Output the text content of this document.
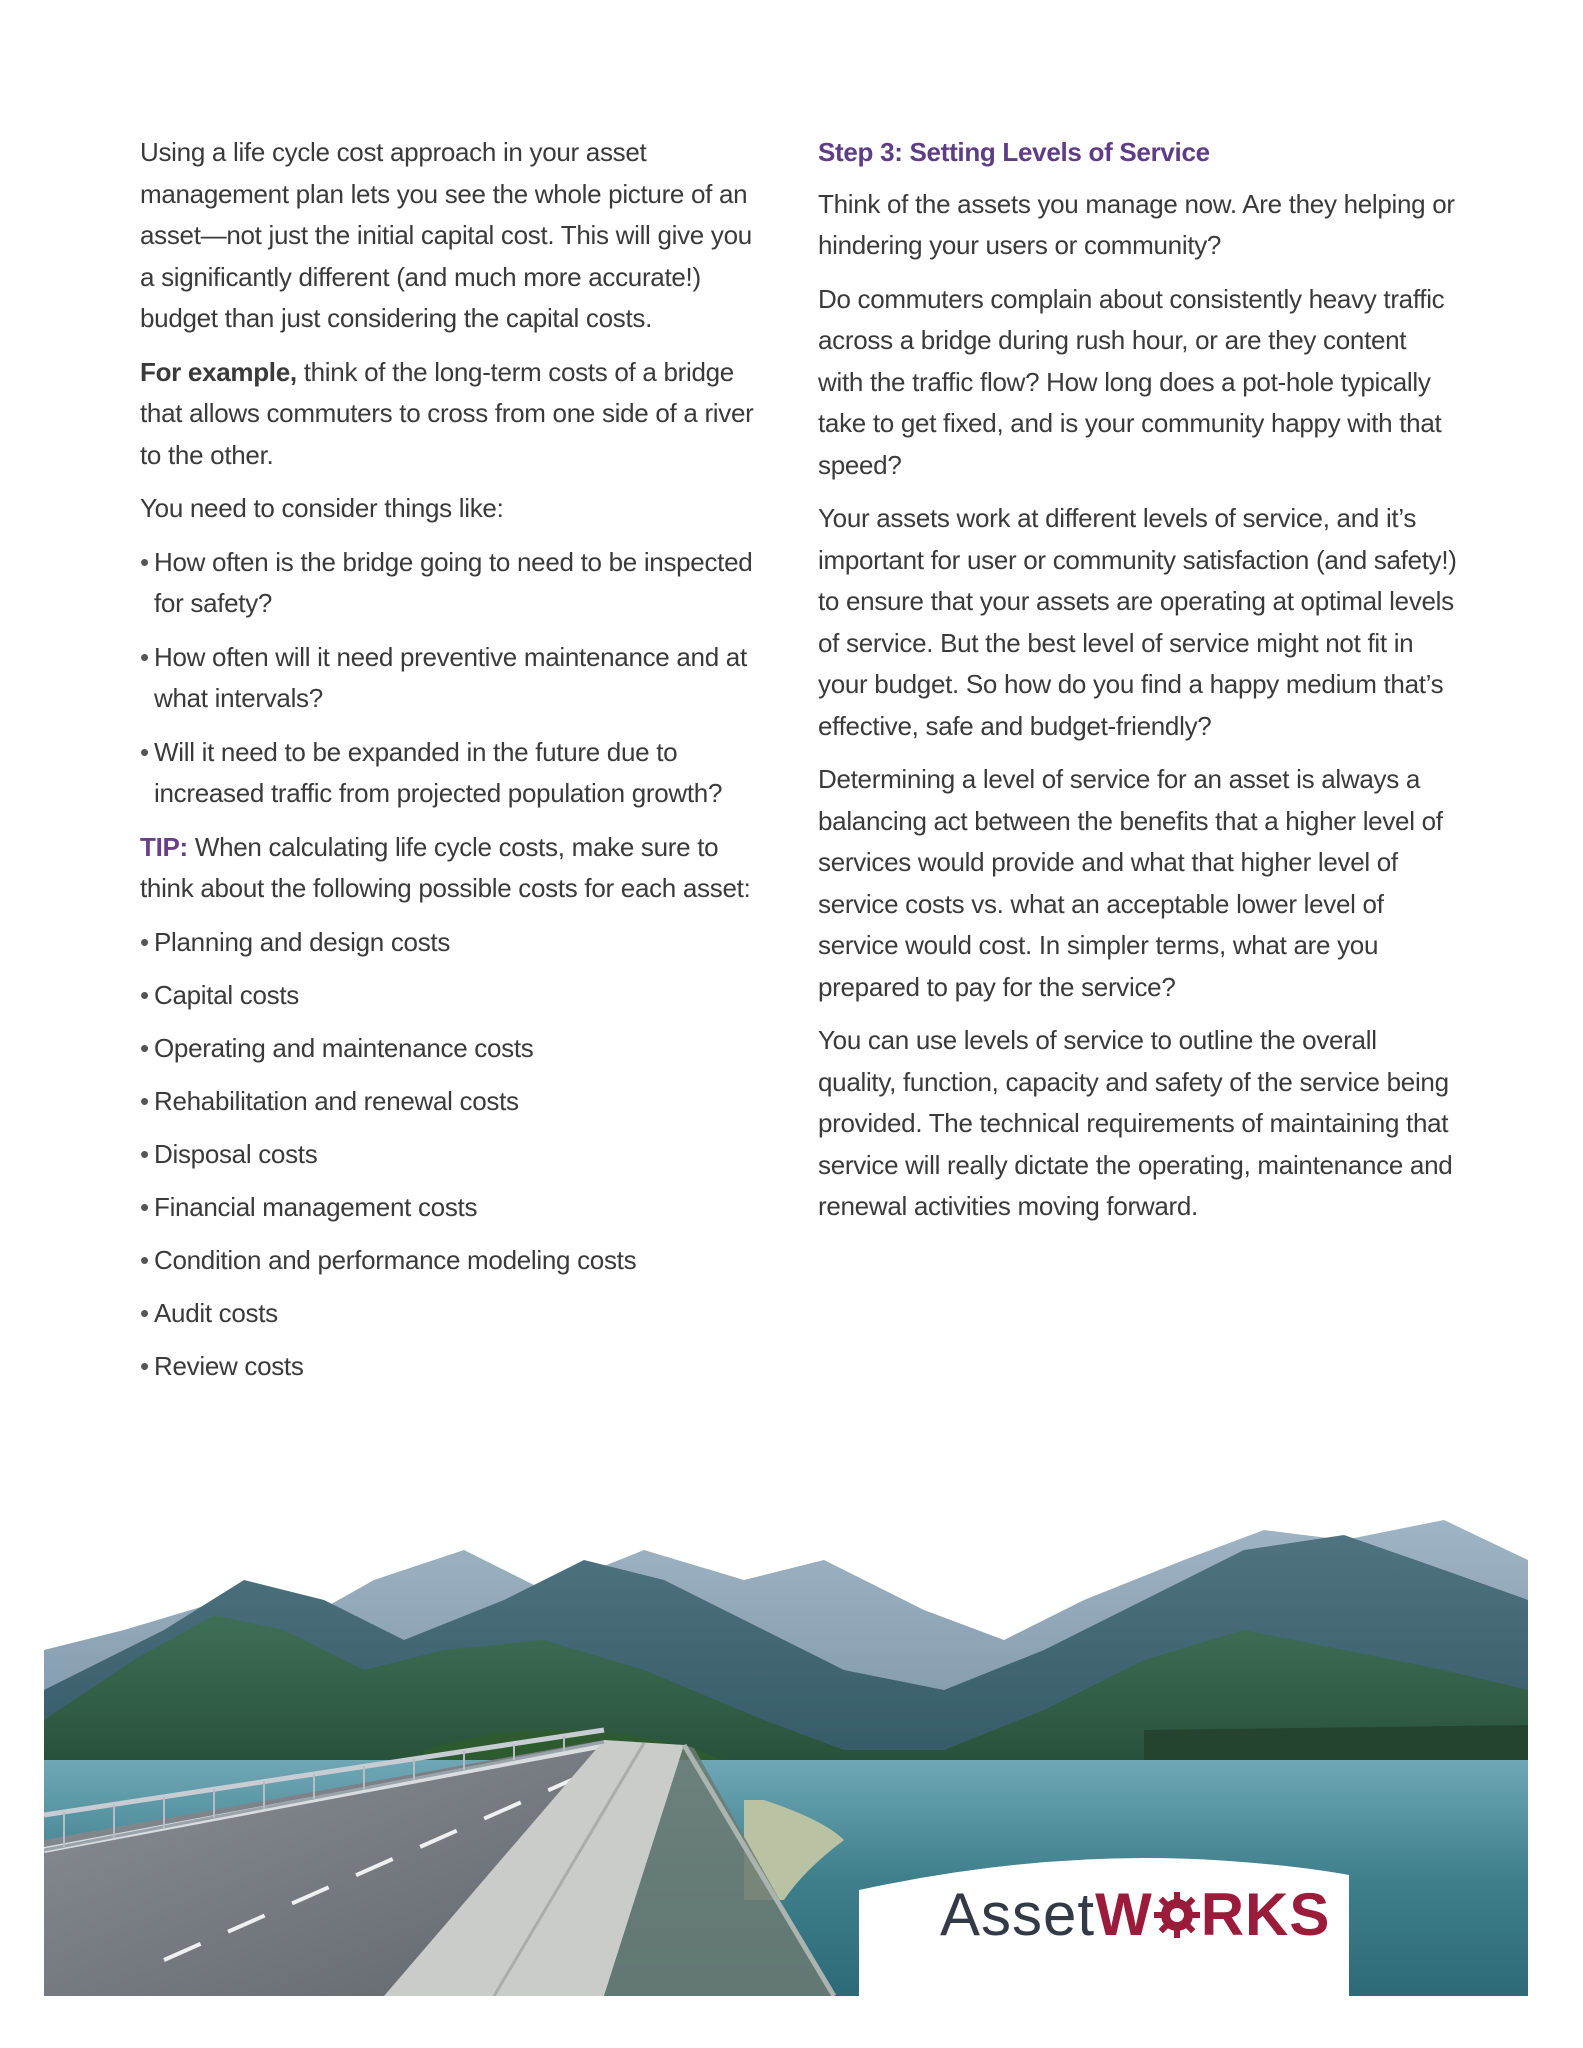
Using a life cycle cost approach in your asset management plan lets you see the whole picture of an asset—not just the initial capital cost. This will give you a significantly different (and much more accurate!) budget than just considering the capital costs.

For example, think of the long-term costs of a bridge that allows commuters to cross from one side of a river to the other.

You need to consider things like:

• How often is the bridge going to need to be inspected for safety?
• How often will it need preventive maintenance and at what intervals?
• Will it need to be expanded in the future due to increased traffic from projected population growth?

TIP: When calculating life cycle costs, make sure to think about the following possible costs for each asset:

• Planning and design costs
• Capital costs
• Operating and maintenance costs
• Rehabilitation and renewal costs
• Disposal costs
• Financial management costs
• Condition and performance modeling costs
• Audit costs
• Review costs
Step 3: Setting Levels of Service

Think of the assets you manage now. Are they helping or hindering your users or community?

Do commuters complain about consistently heavy traffic across a bridge during rush hour, or are they content with the traffic flow? How long does a pot-hole typically take to get fixed, and is your community happy with that speed?

Your assets work at different levels of service, and it’s important for user or community satisfaction (and safety!) to ensure that your assets are operating at optimal levels of service. But the best level of service might not fit in your budget. So how do you find a happy medium that’s effective, safe and budget-friendly?

Determining a level of service for an asset is always a balancing act between the benefits that a higher level of services would provide and what that higher level of service costs vs. what an acceptable lower level of service would cost. In simpler terms, what are you prepared to pay for the service?

You can use levels of service to outline the overall quality, function, capacity and safety of the service being provided. The technical requirements of maintaining that service will really dictate the operating, maintenance and renewal activities moving forward.

AssetW RKS
